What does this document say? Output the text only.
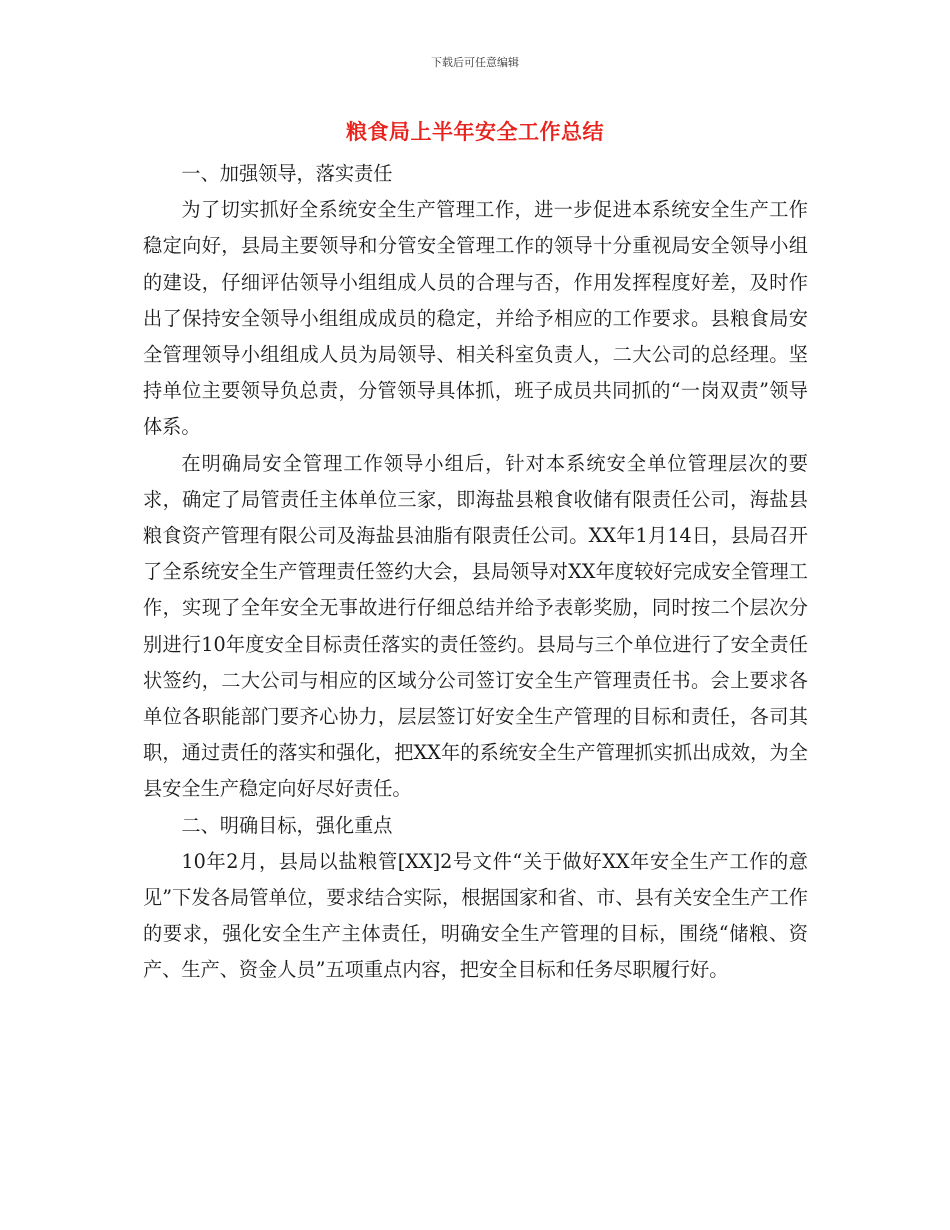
下载后可任意编辑
粮食局上半年安全工作总结

一、加强领导，落实责任

为了切实抓好全系统安全生产管理工作，进一步促进本系统安全生产工作稳定向好，县局主要领导和分管安全管理工作的领导十分重视局安全领导小组的建设，仔细评估领导小组组成人员的合理与否，作用发挥程度好差，及时作出了保持安全领导小组组成成员的稳定，并给予相应的工作要求。县粮食局安全管理领导小组组成人员为局领导、相关科室负责人，二大公司的总经理。坚持单位主要领导负总责，分管领导具体抓，班子成员共同抓的“一岗双责”领导体系。

在明确局安全管理工作领导小组后，针对本系统安全单位管理层次的要求，确定了局管责任主体单位三家，即海盐县粮食收储有限责任公司，海盐县粮食资产管理有限公司及海盐县油脂有限责任公司。XX年1月14日，县局召开了全系统安全生产管理责任签约大会，县局领导对XX年度较好完成安全管理工作，实现了全年安全无事故进行仔细总结并给予表彰奖励，同时按二个层次分别进行10年度安全目标责任落实的责任签约。县局与三个单位进行了安全责任状签约，二大公司与相应的区域分公司签订安全生产管理责任书。会上要求各单位各职能部门要齐心协力，层层签订好安全生产管理的目标和责任，各司其职，通过责任的落实和强化，把XX年的系统安全生产管理抓实抓出成效，为全县安全生产稳定向好尽好责任。

二、明确目标，强化重点

10年2月，县局以盐粮管[XX]2号文件“关于做好XX年安全生产工作的意见”下发各局管单位，要求结合实际，根据国家和省、市、县有关安全生产工作的要求，强化安全生产主体责任，明确安全生产管理的目标，围绕“储粮、资产、生产、资金人员”五项重点内容，把安全目标和任务尽职履行好。
